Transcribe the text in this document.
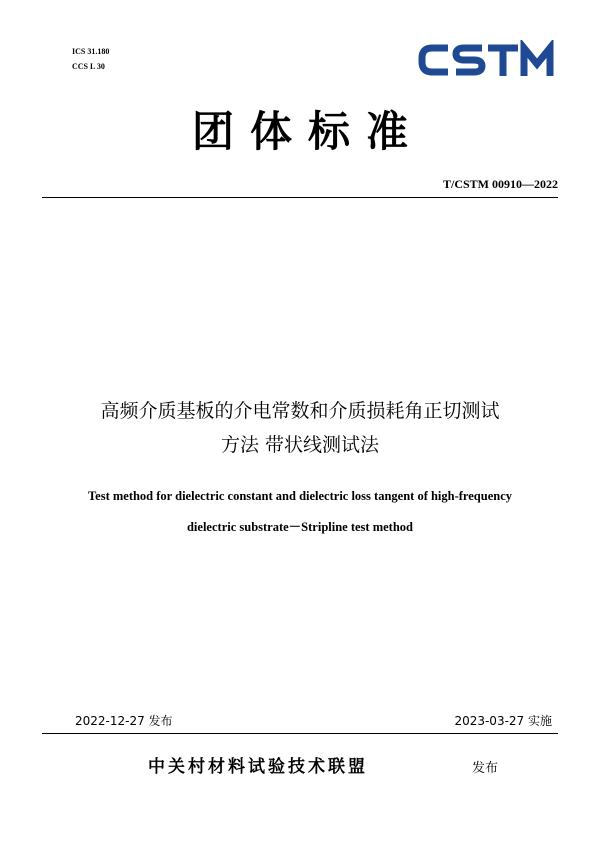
ICS 31.180
CCS L 30
CSTM
团体标准
T/CSTM 00910—2022
高频介质基板的介电常数和介质损耗角正切测试
方法 带状线测试法
Test method for dielectric constant and dielectric loss tangent of high-frequency
dielectric substrate－Stripline test method
2022-12-27 发布	2023-03-27 实施
中关村材料试验技术联盟	发布
